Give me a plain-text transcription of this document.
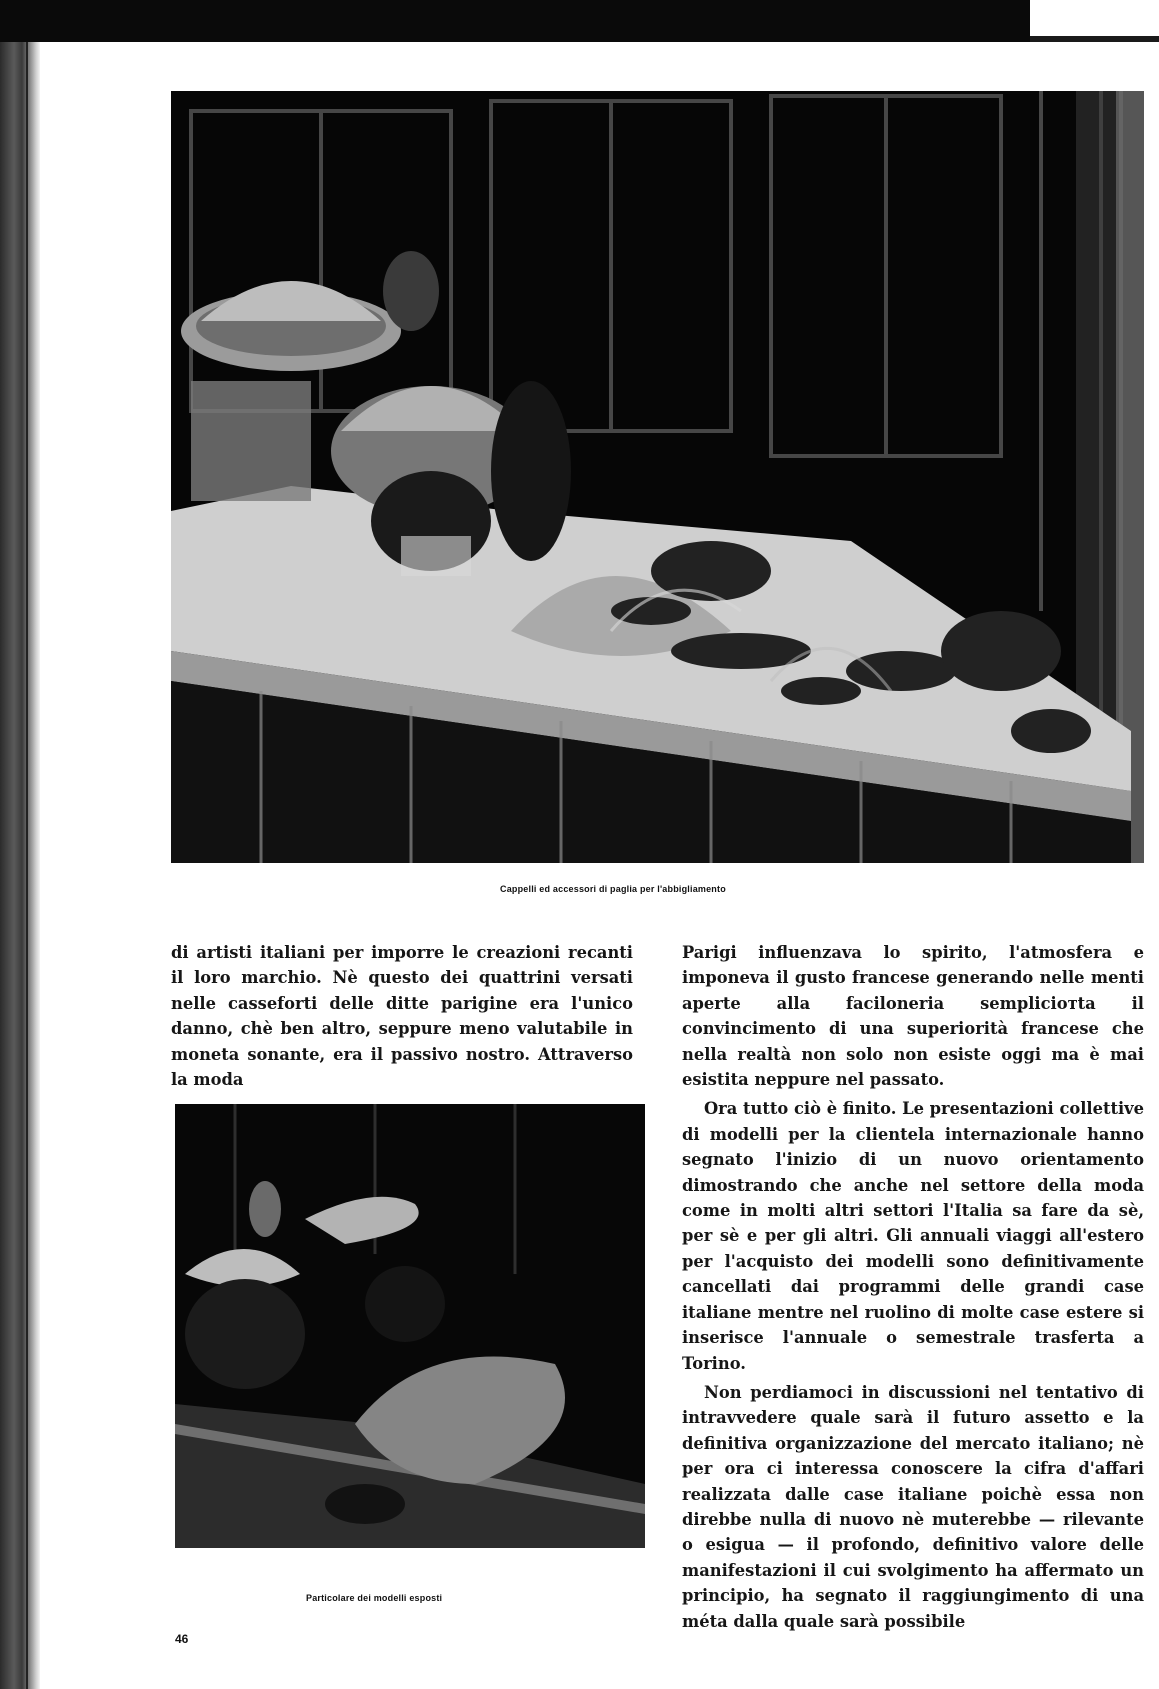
Cappelli ed accessori di paglia per l'abbigliamento

di artisti italiani per imporre le creazioni recanti il loro marchio. Nè questo dei quattrini versati nelle casseforti delle ditte parigine era l'unico danno, chè ben altro, seppure meno valutabile in moneta sonante, era il passivo nostro. Attraverso la moda

Particolare dei modelli esposti

Parigi influenzava lo spirito, l'atmosfera e imponeva il gusto francese generando nelle menti aperte alla faciloneria semplicioтta il convincimento di una superiorità francese che nella realtà non solo non esiste oggi ma è mai esistita neppure nel passato.

Ora tutto ciò è finito. Le presentazioni collettive di modelli per la clientela internazionale hanno segnato l'inizio di un nuovo orientamento dimostrando che anche nel settore della moda come in molti altri settori l'Italia sa fare da sè, per sè e per gli altri. Gli annuali viaggi all'estero per l'acquisto dei modelli sono definitivamente cancellati dai programmi delle grandi case italiane mentre nel ruolino di molte case estere si inserisce l'annuale o semestrale trasferta a Torino.

Non perdiamoci in discussioni nel tentativo di intravvedere quale sarà il futuro assetto e la definitiva organizzazione del mercato italiano; nè per ora ci interessa conoscere la cifra d'affari realizzata dalle case italiane poichè essa non direbbe nulla di nuovo nè muterebbe — rilevante o esigua — il profondo, definitivo valore delle manifestazioni il cui svolgimento ha affermato un principio, ha segnato il raggiungimento di una méta dalla quale sarà possibile

46
